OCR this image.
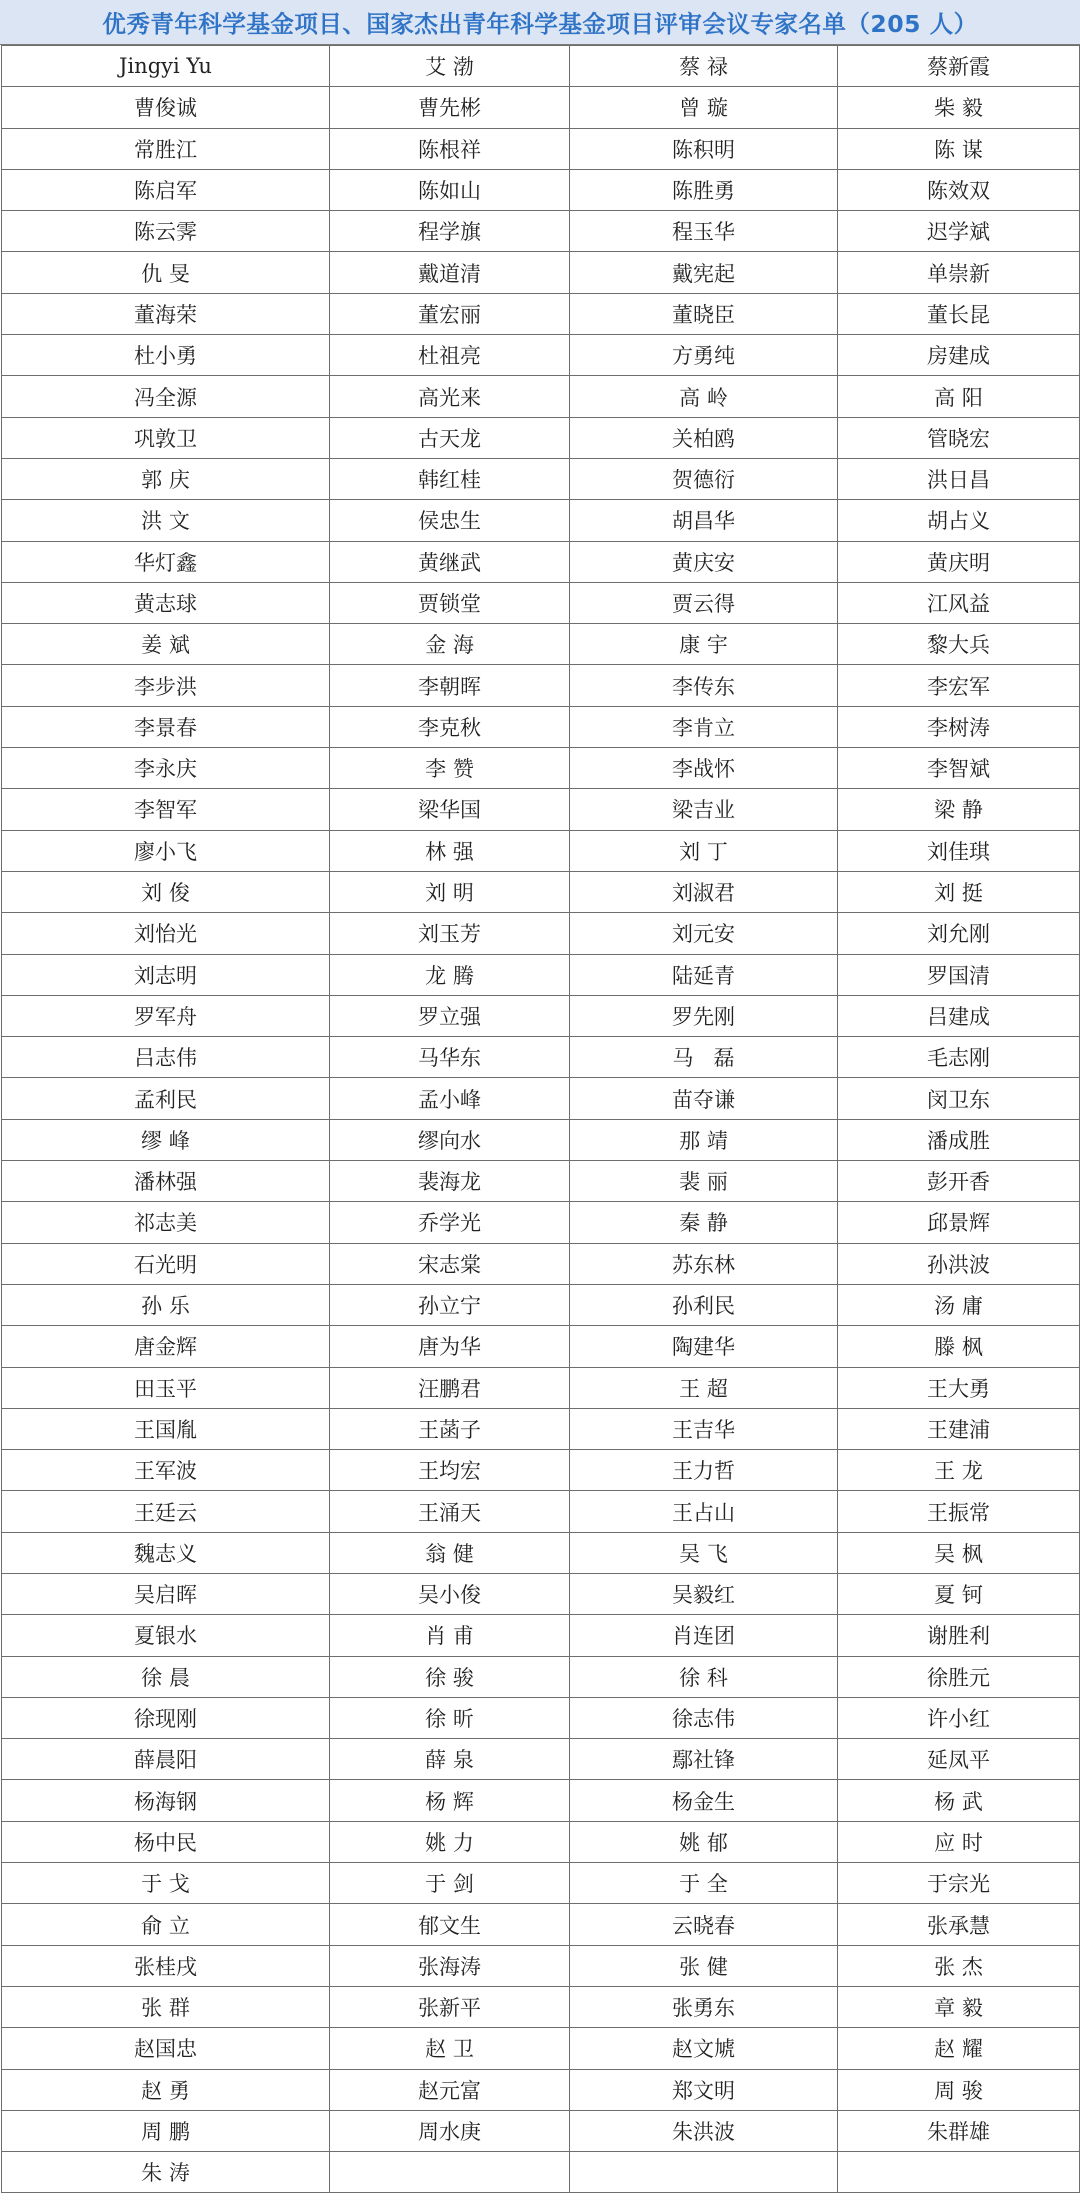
优秀青年科学基金项目、国家杰出青年科学基金项目评审会议专家名单（205 人）
Jingyi Yu	艾 渤	蔡 禄	蔡新霞
曹俊诚	曹先彬	曾 璇	柴 毅
常胜江	陈根祥	陈积明	陈 谋
陈启军	陈如山	陈胜勇	陈效双
陈云霁	程学旗	程玉华	迟学斌
仇 旻	戴道清	戴宪起	单崇新
董海荣	董宏丽	董晓臣	董长昆
杜小勇	杜祖亮	方勇纯	房建成
冯全源	高光来	高 岭	高 阳
巩敦卫	古天龙	关柏鸥	管晓宏
郭 庆	韩红桂	贺德衍	洪日昌
洪 文	侯忠生	胡昌华	胡占义
华灯鑫	黄继武	黄庆安	黄庆明
黄志球	贾锁堂	贾云得	江风益
姜 斌	金 海	康 宇	黎大兵
李步洪	李朝晖	李传东	李宏军
李景春	李克秋	李肯立	李树涛
李永庆	李 赞	李战怀	李智斌
李智军	梁华国	梁吉业	梁 静
廖小飞	林 强	刘 丁	刘佳琪
刘 俊	刘 明	刘淑君	刘 挺
刘怡光	刘玉芳	刘元安	刘允刚
刘志明	龙 腾	陆延青	罗国清
罗军舟	罗立强	罗先刚	吕建成
吕志伟	马华东	马   磊	毛志刚
孟利民	孟小峰	苗夺谦	闵卫东
缪 峰	缪向水	那 靖	潘成胜
潘林强	裴海龙	裴 丽	彭开香
祁志美	乔学光	秦 静	邱景辉
石光明	宋志棠	苏东林	孙洪波
孙 乐	孙立宁	孙利民	汤 庸
唐金辉	唐为华	陶建华	滕 枫
田玉平	汪鹏君	王 超	王大勇
王国胤	王菡子	王吉华	王建浦
王军波	王均宏	王力哲	王 龙
王廷云	王涌天	王占山	王振常
魏志义	翁 健	吴 飞	吴 枫
吴启晖	吴小俊	吴毅红	夏 钶
夏银水	肖 甫	肖连团	谢胜利
徐 晨	徐 骏	徐 科	徐胜元
徐现刚	徐 昕	徐志伟	许小红
薛晨阳	薛 泉	鄢社锋	延凤平
杨海钢	杨 辉	杨金生	杨 武
杨中民	姚 力	姚 郁	应 时
于 戈	于 剑	于 全	于宗光
俞 立	郁文生	云晓春	张承慧
张桂戌	张海涛	张 健	张 杰
张 群	张新平	张勇东	章 毅
赵国忠	赵 卫	赵文虓	赵 耀
赵 勇	赵元富	郑文明	周 骏
周 鹏	周水庚	朱洪波	朱群雄
朱 涛			
